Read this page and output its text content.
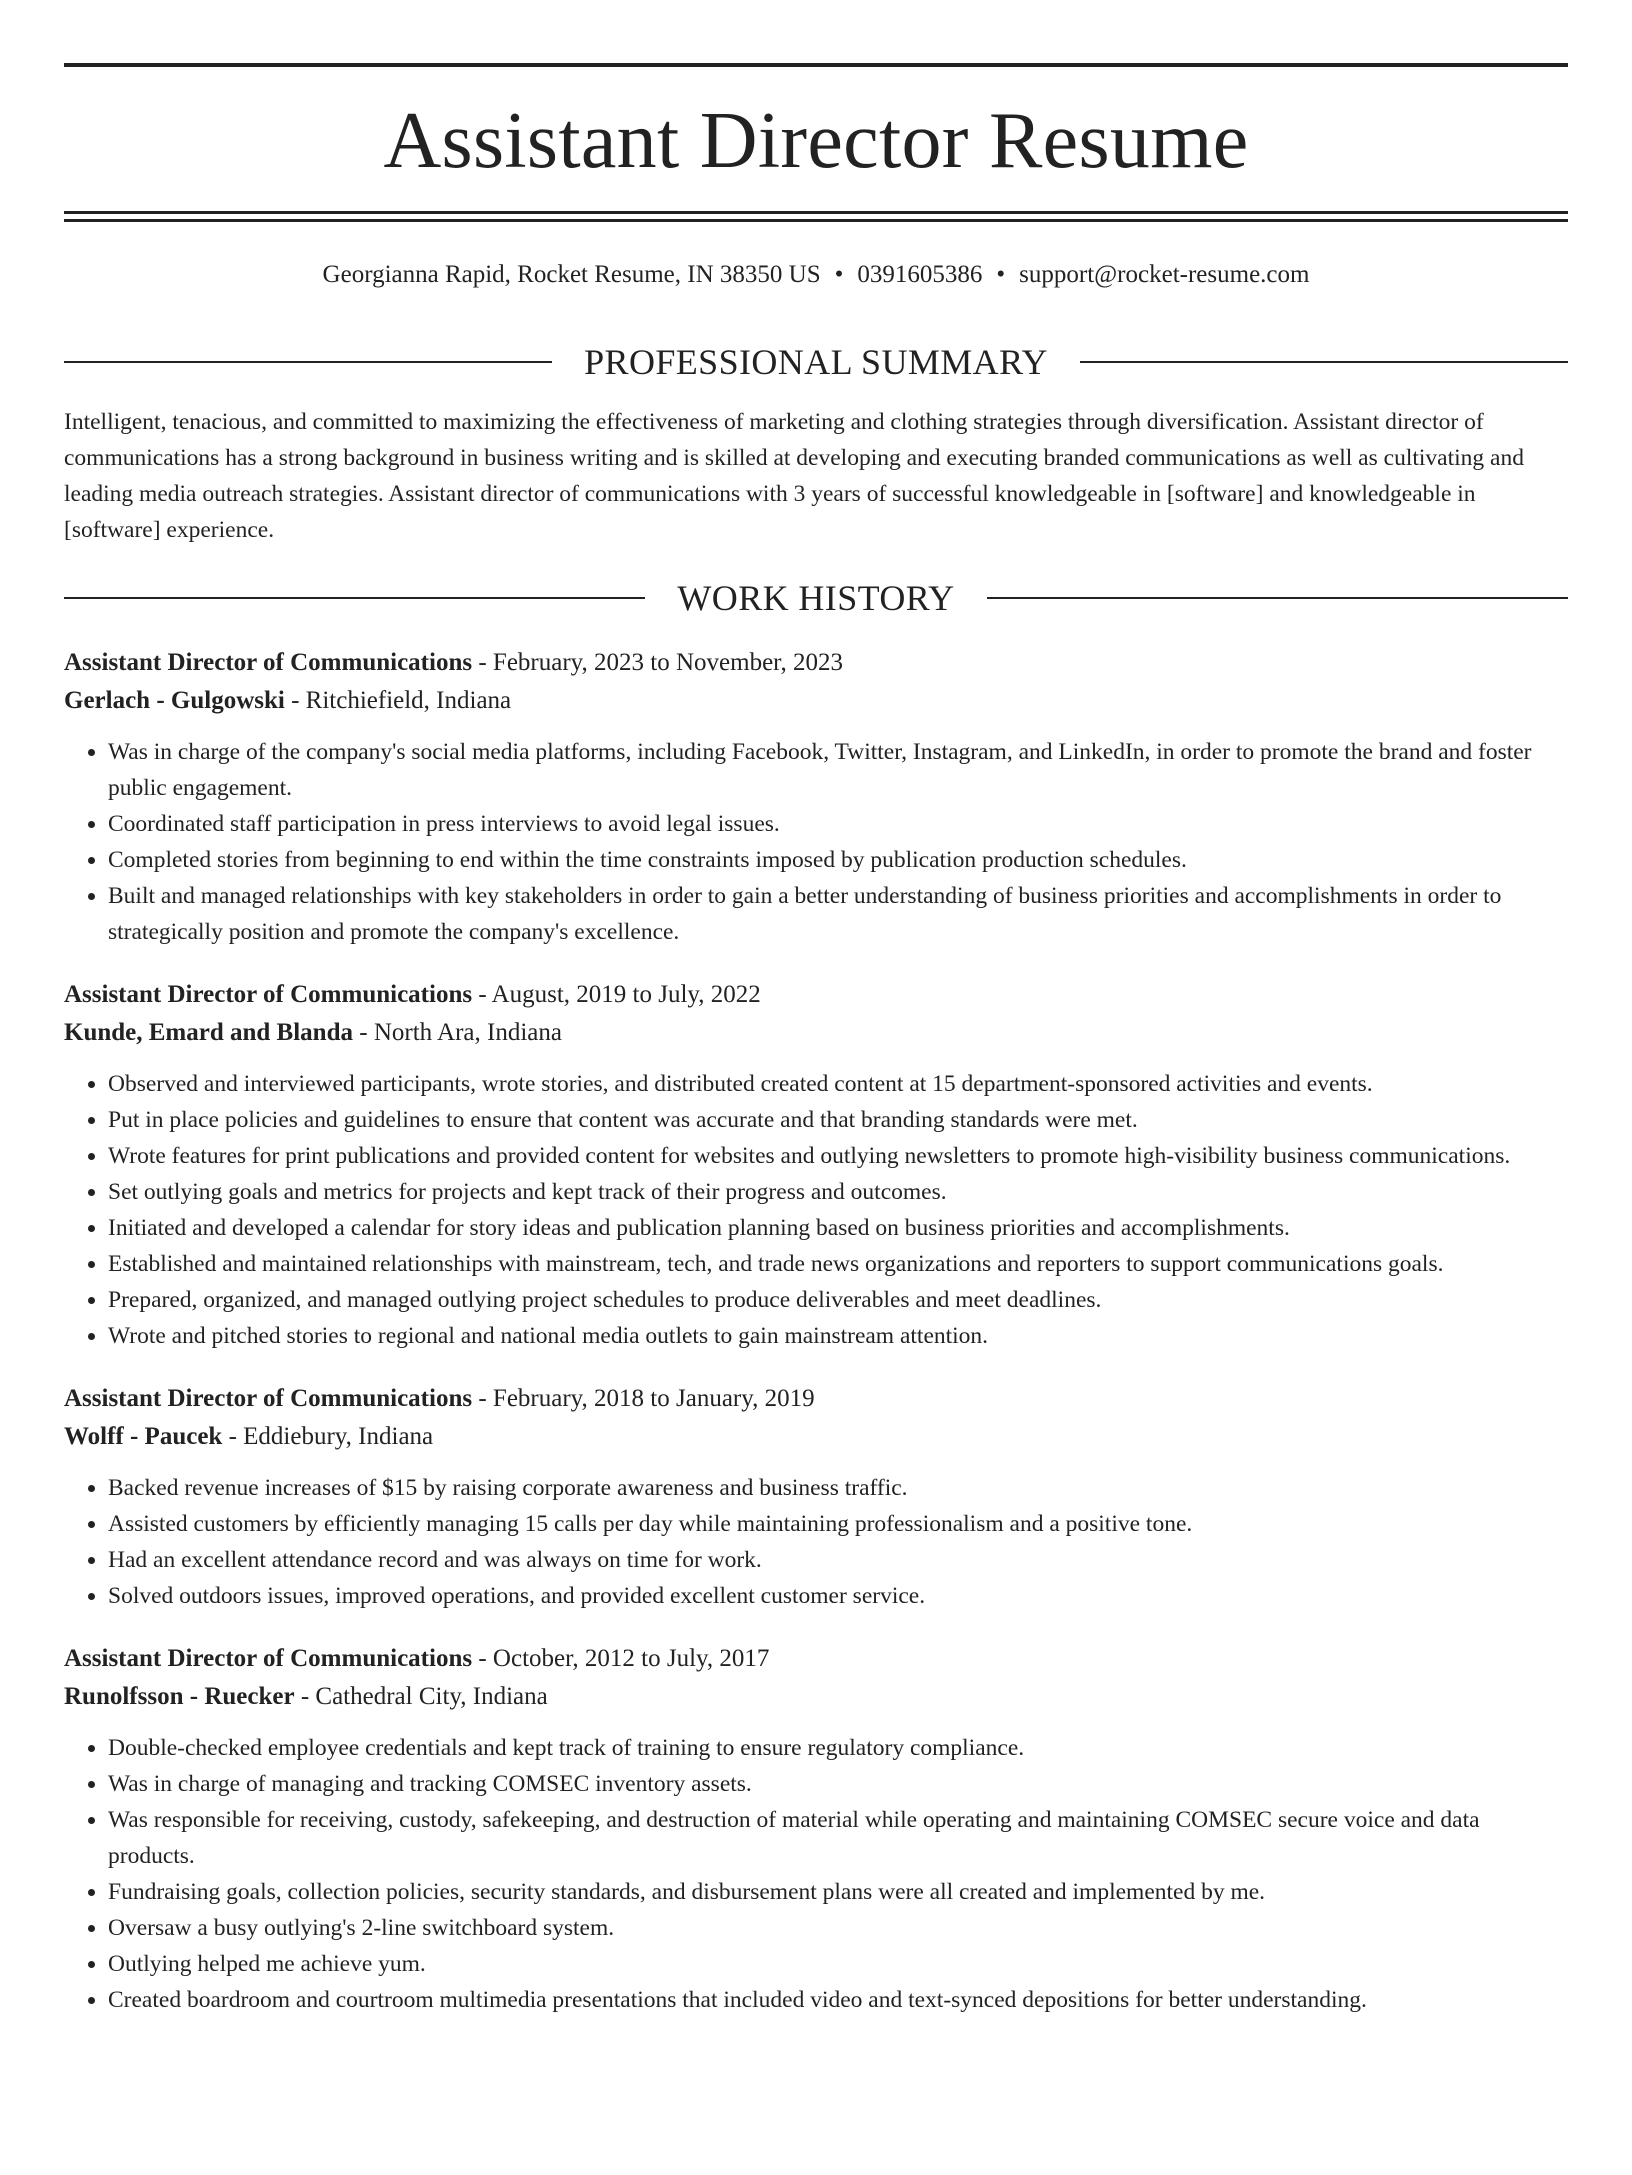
Assistant Director Resume
Georgianna Rapid, Rocket Resume, IN 38350 US • 0391605386 • support@rocket-resume.com
PROFESSIONAL SUMMARY
Intelligent, tenacious, and committed to maximizing the effectiveness of marketing and clothing strategies through diversification. Assistant director of communications has a strong background in business writing and is skilled at developing and executing branded communications as well as cultivating and leading media outreach strategies. Assistant director of communications with 3 years of successful knowledgeable in [software] and knowledgeable in [software] experience.
WORK HISTORY
Assistant Director of Communications - February, 2023 to November, 2023
Gerlach - Gulgowski - Ritchiefield, Indiana
• Was in charge of the company's social media platforms, including Facebook, Twitter, Instagram, and LinkedIn, in order to promote the brand and foster public engagement.
• Coordinated staff participation in press interviews to avoid legal issues.
• Completed stories from beginning to end within the time constraints imposed by publication production schedules.
• Built and managed relationships with key stakeholders in order to gain a better understanding of business priorities and accomplishments in order to strategically position and promote the company's excellence.
Assistant Director of Communications - August, 2019 to July, 2022
Kunde, Emard and Blanda - North Ara, Indiana
• Observed and interviewed participants, wrote stories, and distributed created content at 15 department-sponsored activities and events.
• Put in place policies and guidelines to ensure that content was accurate and that branding standards were met.
• Wrote features for print publications and provided content for websites and outlying newsletters to promote high-visibility business communications.
• Set outlying goals and metrics for projects and kept track of their progress and outcomes.
• Initiated and developed a calendar for story ideas and publication planning based on business priorities and accomplishments.
• Established and maintained relationships with mainstream, tech, and trade news organizations and reporters to support communications goals.
• Prepared, organized, and managed outlying project schedules to produce deliverables and meet deadlines.
• Wrote and pitched stories to regional and national media outlets to gain mainstream attention.
Assistant Director of Communications - February, 2018 to January, 2019
Wolff - Paucek - Eddiebury, Indiana
• Backed revenue increases of $15 by raising corporate awareness and business traffic.
• Assisted customers by efficiently managing 15 calls per day while maintaining professionalism and a positive tone.
• Had an excellent attendance record and was always on time for work.
• Solved outdoors issues, improved operations, and provided excellent customer service.
Assistant Director of Communications - October, 2012 to July, 2017
Runolfsson - Ruecker - Cathedral City, Indiana
• Double-checked employee credentials and kept track of training to ensure regulatory compliance.
• Was in charge of managing and tracking COMSEC inventory assets.
• Was responsible for receiving, custody, safekeeping, and destruction of material while operating and maintaining COMSEC secure voice and data products.
• Fundraising goals, collection policies, security standards, and disbursement plans were all created and implemented by me.
• Oversaw a busy outlying's 2-line switchboard system.
• Outlying helped me achieve yum.
• Created boardroom and courtroom multimedia presentations that included video and text-synced depositions for better understanding.
